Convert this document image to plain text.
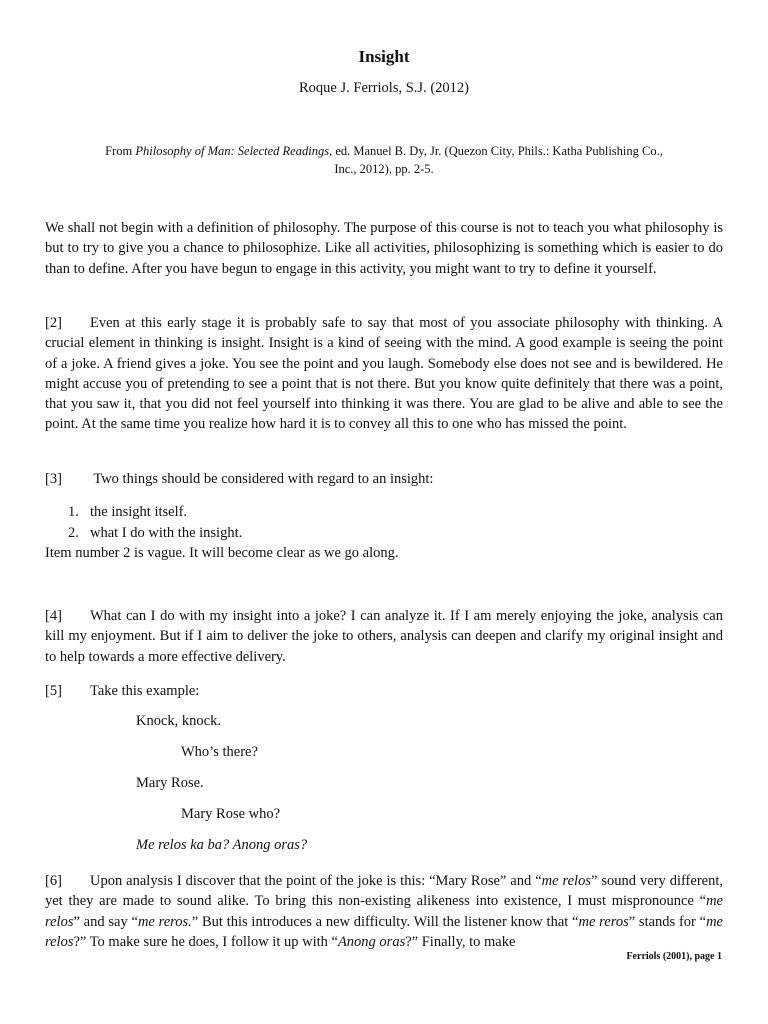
Insight
Roque J. Ferriols, S.J. (2012)
From Philosophy of Man: Selected Readings, ed. Manuel B. Dy, Jr. (Quezon City, Phils.: Katha Publishing Co.,
Inc., 2012), pp. 2-5.
We shall not begin with a definition of philosophy. The purpose of this course is not to teach you what philosophy is but to try to give you a chance to philosophize. Like all activities, philosophizing is something which is easier to do than to define. After you have begun to engage in this activity, you might want to try to define it yourself.
[2] Even at this early stage it is probably safe to say that most of you associate philosophy with thinking. A crucial element in thinking is insight. Insight is a kind of seeing with the mind. A good example is seeing the point of a joke. A friend gives a joke. You see the point and you laugh. Somebody else does not see and is bewildered. He might accuse you of pretending to see a point that is not there. But you know quite definitely that there was a point, that you saw it, that you did not feel yourself into thinking it was there. You are glad to be alive and able to see the point. At the same time you realize how hard it is to convey all this to one who has missed the point.
[3] Two things should be considered with regard to an insight:
1. the insight itself.
2. what I do with the insight.
Item number 2 is vague. It will become clear as we go along.
[4] What can I do with my insight into a joke? I can analyze it. If I am merely enjoying the joke, analysis can kill my enjoyment. But if I aim to deliver the joke to others, analysis can deepen and clarify my original insight and to help towards a more effective delivery.
[5] Take this example:
Knock, knock.
Who’s there?
Mary Rose.
Mary Rose who?
Me relos ka ba? Anong oras?
[6] Upon analysis I discover that the point of the joke is this: “Mary Rose” and “me relos” sound very different, yet they are made to sound alike. To bring this non-existing alikeness into existence, I must mispronounce “me relos” and say “me reros.” But this introduces a new difficulty. Will the listener know that “me reros” stands for “me relos?” To make sure he does, I follow it up with “Anong oras?” Finally, to make
Ferriols (2001), page 1
